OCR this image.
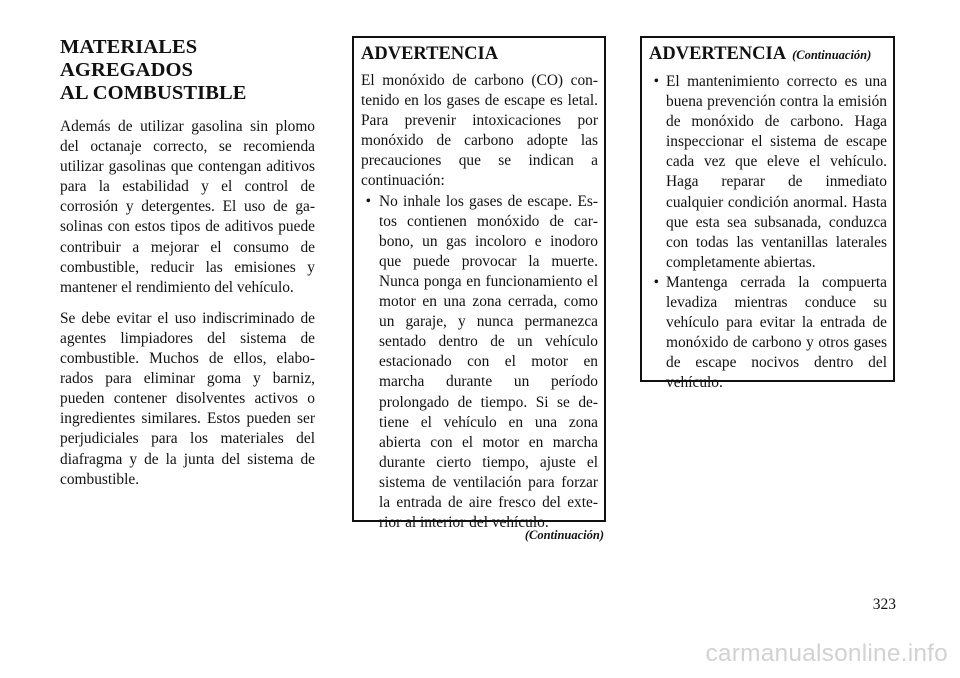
MATERIALES AGREGADOS
AL COMBUSTIBLE

Además de utilizar gasolina sin plomo del octanaje correcto, se recomienda utilizar gasolinas que contengan aditivos para la estabilidad y el control de corrosión y detergentes. El uso de gasolinas con estos tipos de aditivos puede contribuir a mejorar el consumo de combustible, reducir las emisiones y mantener el rendimiento del vehículo.

Se debe evitar el uso indiscriminado de agentes limpiadores del sistema de combustible. Muchos de ellos, elaborados para eliminar goma y barniz, pueden contener disolventes activos o ingredientes similares. Estos pueden ser perjudiciales para los materiales del diafragma y de la junta del sistema de combustible.

ADVERTENCIA

El monóxido de carbono (CO) contenido en los gases de escape es letal. Para prevenir intoxicaciones por monóxido de carbono adopte las precauciones que se indican a continuación:

• No inhale los gases de escape. Estos contienen monóxido de carbono, un gas incoloro e inodoro que puede provocar la muerte. Nunca ponga en funcionamiento el motor en una zona cerrada, como un garaje, y nunca permanezca sentado dentro de un vehículo estacionado con el motor en marcha durante un período prolongado de tiempo. Si se detiene el vehículo en una zona abierta con el motor en marcha durante cierto tiempo, ajuste el sistema de ventilación para forzar la entrada de aire fresco del exterior al interior del vehículo.
(Continuación)
ADVERTENCIA (Continuación)
• El mantenimiento correcto es una buena prevención contra la emisión de monóxido de carbono. Haga inspeccionar el sistema de escape cada vez que eleve el vehículo. Haga reparar de inmediato cualquier condición anormal. Hasta que esta sea subsanada, conduzca con todas las ventanillas laterales completamente abiertas.
• Mantenga cerrada la compuerta levadiza mientras conduce su vehículo para evitar la entrada de monóxido de carbono y otros gases de escape nocivos dentro del vehículo.
323
carmanualsonline.info
